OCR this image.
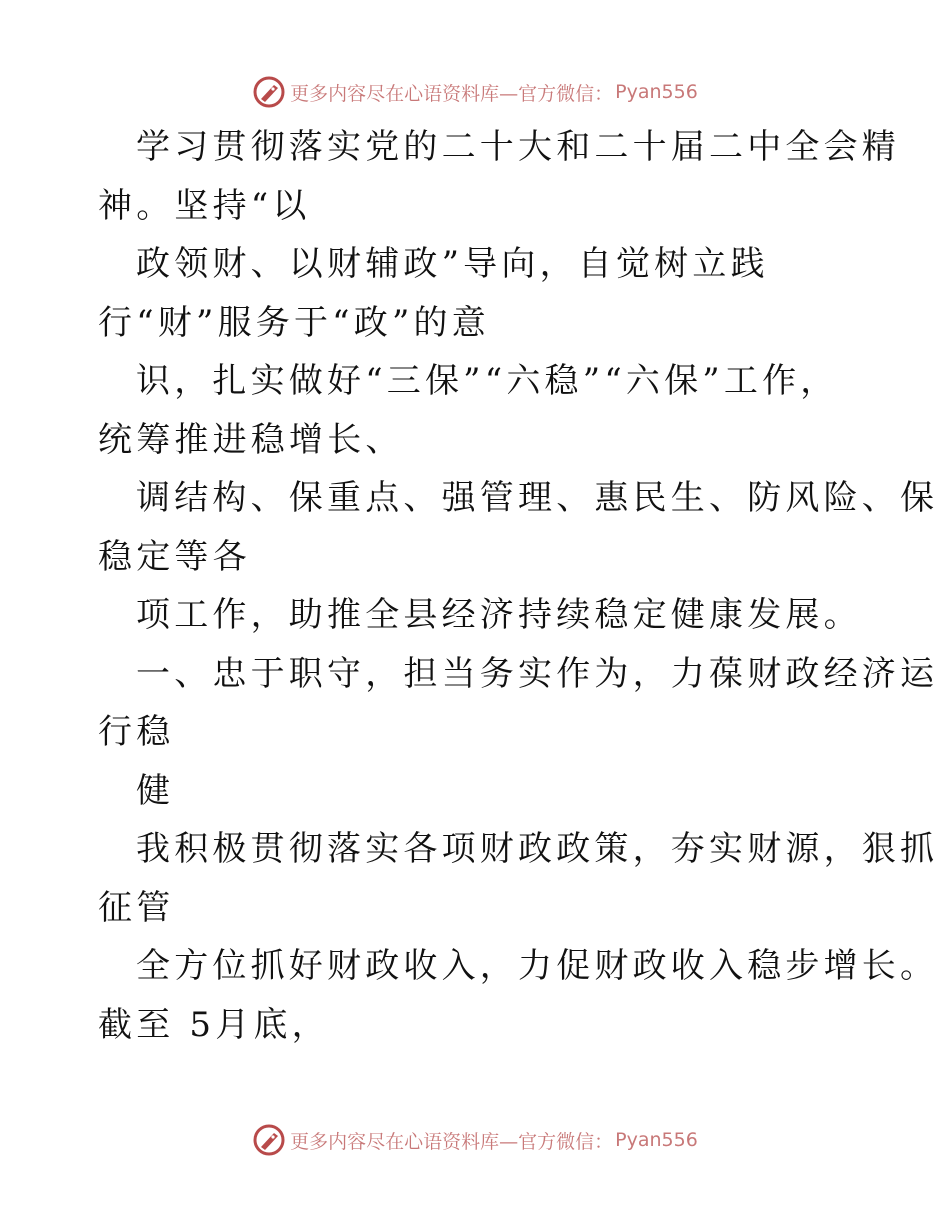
更多内容尽在心语资料库—官方微信： Pyan556
学习贯彻落实党的二十大和二十届二中全会精
神。坚持“以
政领财、以财辅政”导向，自觉树立践
行“财”服务于“政”的意
识，扎实做好“三保”“六稳”“六保”工作，
统筹推进稳增长、
调结构、保重点、强管理、惠民生、防风险、保
稳定等各
项工作，助推全县经济持续稳定健康发展。
一、忠于职守，担当务实作为，力葆财政经济运
行稳
健
我积极贯彻落实各项财政政策，夯实财源，狠抓
征管
全方位抓好财政收入，力促财政收入稳步增长。
截至 5月底，
更多内容尽在心语资料库—官方微信： Pyan556
